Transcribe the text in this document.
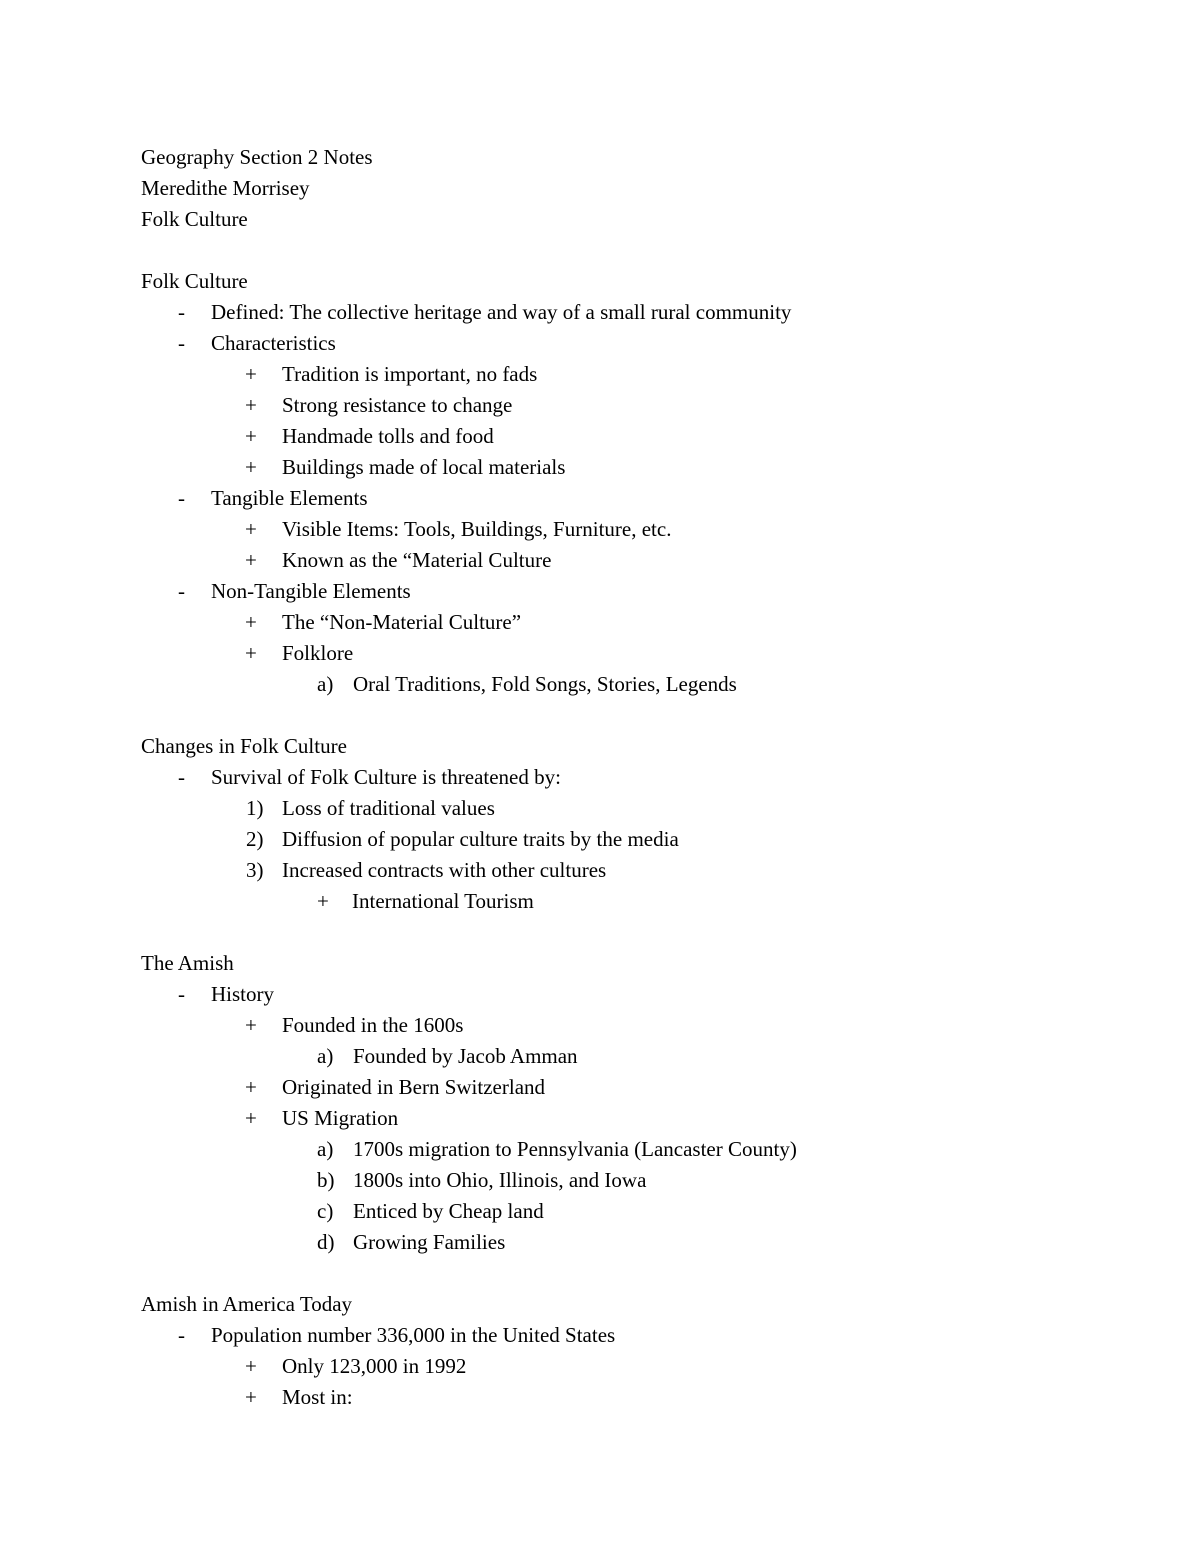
Geography Section 2 Notes
Meredithe Morrisey
Folk Culture
Folk Culture
- Defined: The collective heritage and way of a small rural community
- Characteristics
+ Tradition is important, no fads
+ Strong resistance to change
+ Handmade tolls and food
+ Buildings made of local materials
- Tangible Elements
+ Visible Items: Tools, Buildings, Furniture, etc.
+ Known as the “Material Culture
- Non-Tangible Elements
+ The “Non-Material Culture”
+ Folklore
a) Oral Traditions, Fold Songs, Stories, Legends
Changes in Folk Culture
- Survival of Folk Culture is threatened by:
1) Loss of traditional values
2) Diffusion of popular culture traits by the media
3) Increased contracts with other cultures
+ International Tourism
The Amish
- History
+ Founded in the 1600s
a) Founded by Jacob Amman
+ Originated in Bern Switzerland
+ US Migration
a) 1700s migration to Pennsylvania (Lancaster County)
b) 1800s into Ohio, Illinois, and Iowa
c) Enticed by Cheap land
d) Growing Families
Amish in America Today
- Population number 336,000 in the United States
+ Only 123,000 in 1992
+ Most in:
